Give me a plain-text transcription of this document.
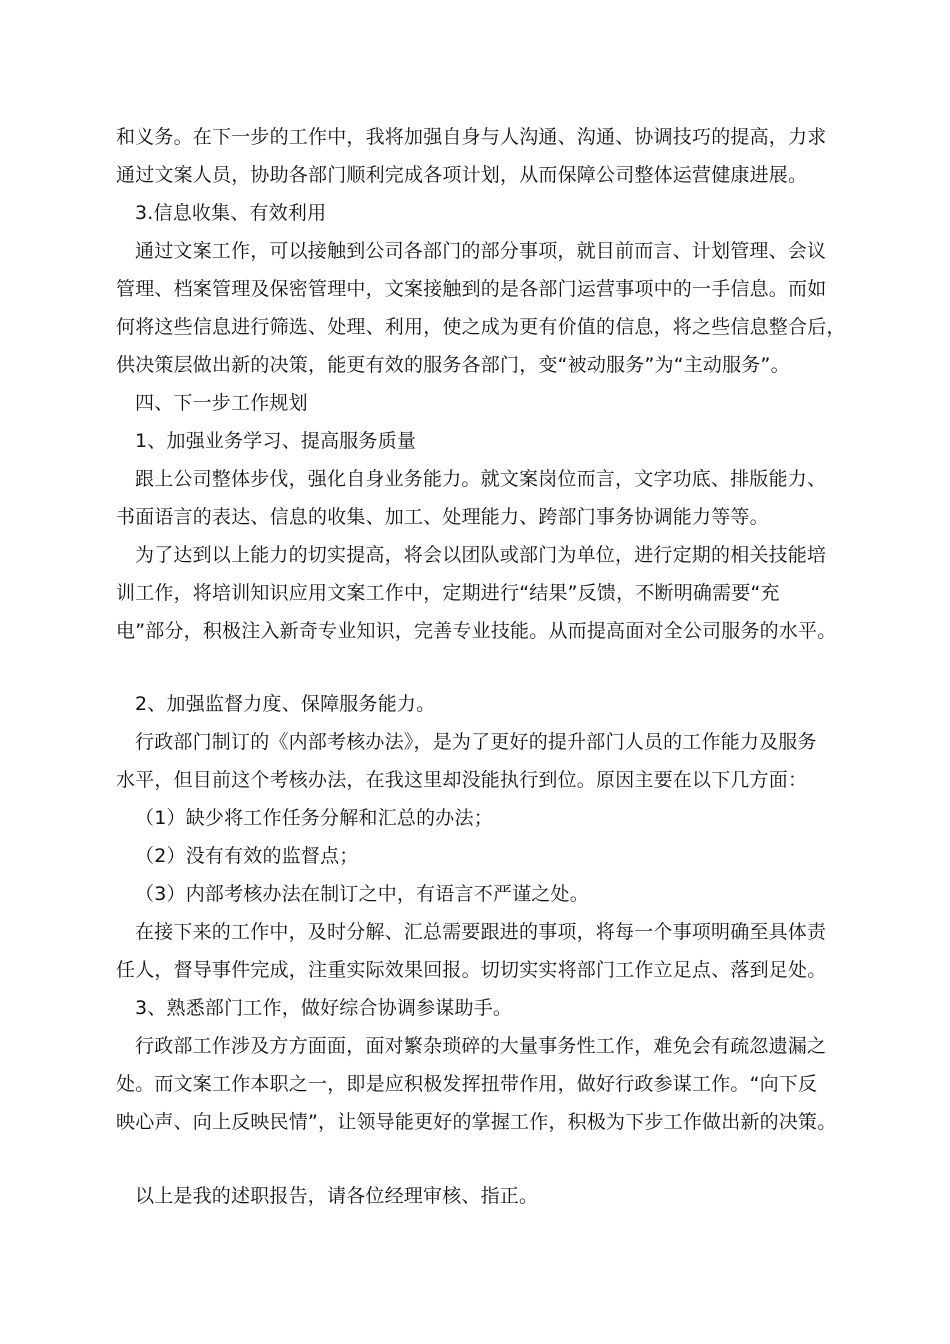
和义务。在下一步的工作中，我将加强自身与人沟通、沟通、协调技巧的提高，力求
通过文案人员，协助各部门顺利完成各项计划，从而保障公司整体运营健康进展。
3.信息收集、有效利用
通过文案工作，可以接触到公司各部门的部分事项，就目前而言、计划管理、会议
管理、档案管理及保密管理中，文案接触到的是各部门运营事项中的一手信息。而如
何将这些信息进行筛选、处理、利用，使之成为更有价值的信息，将之些信息整合后，
供决策层做出新的决策，能更有效的服务各部门，变“被动服务”为“主动服务”。
四、下一步工作规划
1、加强业务学习、提高服务质量
跟上公司整体步伐，强化自身业务能力。就文案岗位而言，文字功底、排版能力、
书面语言的表达、信息的收集、加工、处理能力、跨部门事务协调能力等等。
为了达到以上能力的切实提高，将会以团队或部门为单位，进行定期的相关技能培
训工作，将培训知识应用文案工作中，定期进行“结果”反馈，不断明确需要“充
电”部分，积极注入新奇专业知识，完善专业技能。从而提高面对全公司服务的水平。
2、加强监督力度、保障服务能力。
行政部门制订的《内部考核办法》，是为了更好的提升部门人员的工作能力及服务
水平，但目前这个考核办法，在我这里却没能执行到位。原因主要在以下几方面：
（1）缺少将工作任务分解和汇总的办法；
（2）没有有效的监督点；
（3）内部考核办法在制订之中，有语言不严谨之处。
在接下来的工作中，及时分解、汇总需要跟进的事项，将每一个事项明确至具体责
任人，督导事件完成，注重实际效果回报。切切实实将部门工作立足点、落到足处。
3、熟悉部门工作，做好综合协调参谋助手。
行政部工作涉及方方面面，面对繁杂琐碎的大量事务性工作，难免会有疏忽遗漏之
处。而文案工作本职之一，即是应积极发挥扭带作用，做好行政参谋工作。“向下反
映心声、向上反映民情”，让领导能更好的掌握工作，积极为下步工作做出新的决策。
以上是我的述职报告，请各位经理审核、指正。
